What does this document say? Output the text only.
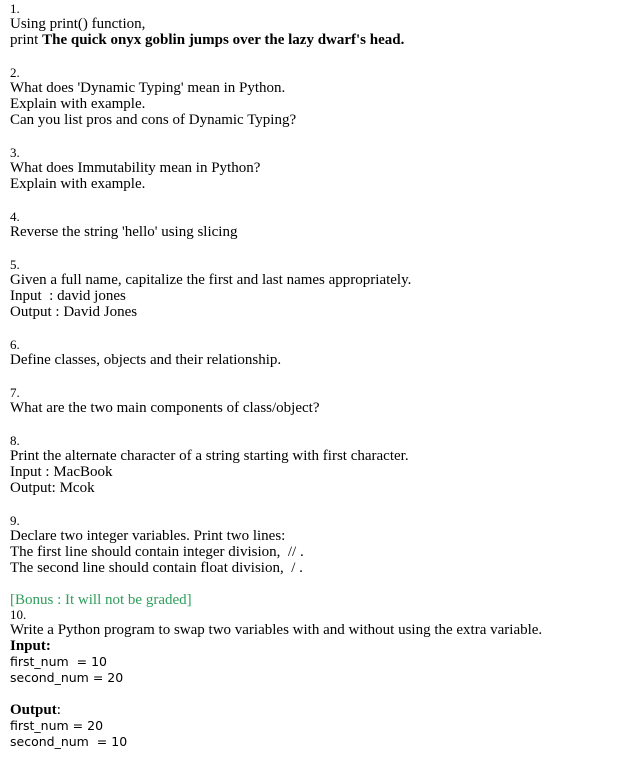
1.
Using print() function,
print The quick onyx goblin jumps over the lazy dwarf's head.
2.
What does 'Dynamic Typing' mean in Python.
Explain with example.
Can you list pros and cons of Dynamic Typing?
3.
What does Immutability mean in Python?
Explain with example.
4.
Reverse the string 'hello' using slicing
5.
Given a full name, capitalize the first and last names appropriately.
Input  : david jones
Output : David Jones
6.
Define classes, objects and their relationship.
7.
What are the two main components of class/object?
8.
Print the alternate character of a string starting with first character.
Input : MacBook
Output: Mcok
9.
Declare two integer variables. Print two lines:
The first line should contain integer division,  // .
The second line should contain float division,  / .
[Bonus : It will not be graded]
10.
Write a Python program to swap two variables with and without using the extra variable.
Input:
first_num  = 10
second_num = 20
Output:
first_num = 20
second_num  = 10
